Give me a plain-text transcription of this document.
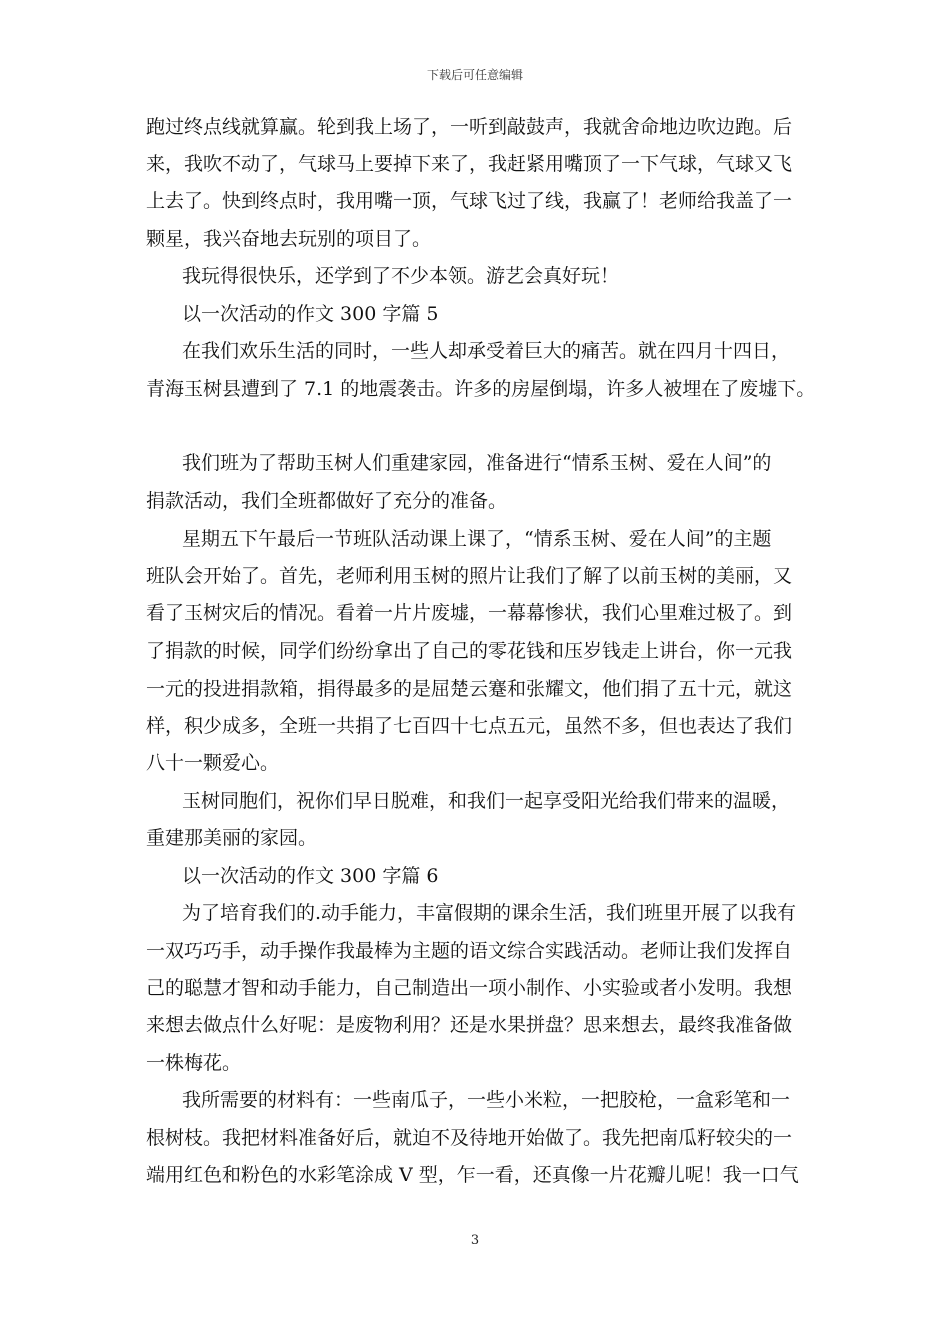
下载后可任意编辑
跑过终点线就算赢。轮到我上场了，一听到敲鼓声，我就舍命地边吹边跑。后
来，我吹不动了，气球马上要掉下来了，我赶紧用嘴顶了一下气球，气球又飞
上去了。快到终点时，我用嘴一顶，气球飞过了线，我赢了！老师给我盖了一
颗星，我兴奋地去玩别的项目了。
我玩得很快乐，还学到了不少本领。游艺会真好玩！
以一次活动的作文 300 字篇 5
在我们欢乐生活的同时，一些人却承受着巨大的痛苦。就在四月十四日，
青海玉树县遭到了 7.1 的地震袭击。许多的房屋倒塌，许多人被埋在了废墟下。
我们班为了帮助玉树人们重建家园，准备进行“情系玉树、爱在人间”的
捐款活动，我们全班都做好了充分的准备。
星期五下午最后一节班队活动课上课了，“情系玉树、爱在人间”的主题
班队会开始了。首先，老师利用玉树的照片让我们了解了以前玉树的美丽，又
看了玉树灾后的情况。看着一片片废墟，一幕幕惨状，我们心里难过极了。到
了捐款的时候，同学们纷纷拿出了自己的零花钱和压岁钱走上讲台，你一元我
一元的投进捐款箱，捐得最多的是屈楚云蹇和张耀文，他们捐了五十元，就这
样，积少成多，全班一共捐了七百四十七点五元，虽然不多，但也表达了我们
八十一颗爱心。
玉树同胞们，祝你们早日脱难，和我们一起享受阳光给我们带来的温暖，
重建那美丽的家园。
以一次活动的作文 300 字篇 6
为了培育我们的.动手能力，丰富假期的课余生活，我们班里开展了以我有
一双巧巧手，动手操作我最棒为主题的语文综合实践活动。老师让我们发挥自
己的聪慧才智和动手能力，自己制造出一项小制作、小实验或者小发明。我想
来想去做点什么好呢：是废物利用？还是水果拼盘？思来想去，最终我准备做
一株梅花。
我所需要的材料有：一些南瓜子，一些小米粒，一把胶枪，一盒彩笔和一
根树枝。我把材料准备好后，就迫不及待地开始做了。我先把南瓜籽较尖的一
端用红色和粉色的水彩笔涂成 V 型，乍一看，还真像一片花瓣儿呢！我一口气
3
